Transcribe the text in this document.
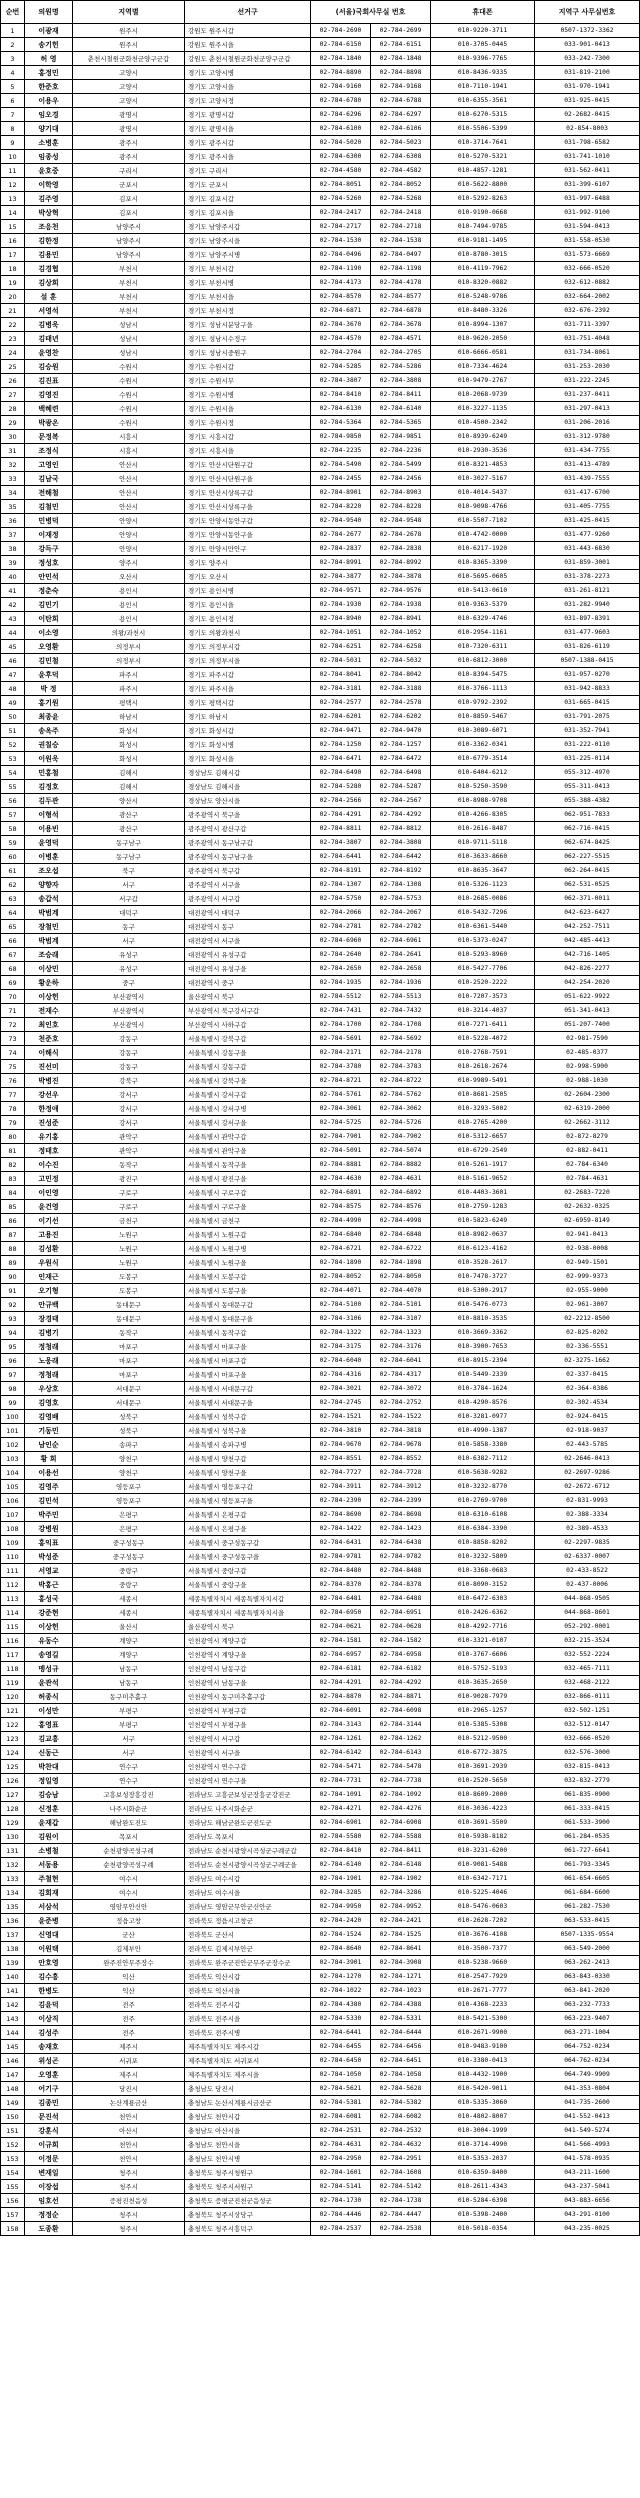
순번	의원명	지역별	선거구	(서울)국회사무실 번호		휴대폰	지역구 사무실번호
1	이광재	원주시	강원도 원주시갑	02-784-2690	02-784-2699	010-9220-3711	0507-1372-3362
2	송기헌	원주시	강원도 원주시을	02-784-6150	02-784-6151	010-3705-0445	033-901-0413
3	허 영	춘천시철원군화천군양구군갑	강원도 춘천시철원군화천군양구군갑	02-784-1840	02-784-1848	010-9396-7765	033-242-7300
4	홍정민	고양시	경기도 고양시병	02-784-8890	02-784-8898	010-8436-9335	031-819-2100
5	한준호	고양시	경기도 고양시을	02-784-9160	02-784-9168	010-7110-1941	031-970-1941
6	이용우	고양시	경기도 고양시정	02-784-6780	02-784-6788	010-6355-3561	031-925-0415
7	임오경	광명시	경기도 광명시갑	02-784-6296	02-784-6297	010-6270-5315	02-2682-0415
8	양기대	광명시	경기도 광명시을	02-784-6100	02-784-6106	010-5506-5399	02-854-8003
9	소병훈	광주시	경기도 광주시갑	02-784-5020	02-784-5023	010-3714-7641	031-798-6582
10	임종성	광주시	경기도 광주시을	02-784-6300	02-784-6308	010-5270-5321	031-741-1010
11	윤호중	구리시	경기도 구리시	02-784-4580	02-784-4582	010-4857-1281	031-562-0411
12	이학영	군포시	경기도 군포시	02-784-8051	02-784-8052	010-5622-8800	031-399-6107
13	김주영	김포시	경기도 김포시갑	02-784-5260	02-784-5268	010-5292-8263	031-997-6488
14	박상혁	김포시	경기도 김포시을	02-784-2417	02-784-2418	010-9190-0668	031-992-9100
15	조응천	남양주시	경기도 남양주시갑	02-784-2717	02-784-2718	010-7494-9785	031-594-0413
16	김한정	남양주시	경기도 남양주시을	02-784-1530	02-784-1538	010-9181-1495	031-558-0530
17	김용민	남양주시	경기도 남양주시병	02-784-0496	02-784-0497	010-8780-3015	031-573-6669
18	김경협	부천시	경기도 부천시갑	02-784-1190	02-784-1198	010-4119-7962	032-666-0520
19	김상희	부천시	경기도 부천시병	02-784-4173	02-784-4178	010-8320-0882	032-612-0882
20	설 훈	부천시	경기도 부천시을	02-784-8570	02-784-8577	010-5248-9786	032-664-2002
21	서영석	부천시	경기도 부천시정	02-784-6871	02-784-6878	010-8480-3326	032-676-2392
22	김병욱	성남시	경기도 성남시분당구을	02-784-3670	02-784-3678	010-8994-1307	031-711-3397
23	김태년	성남시	경기도 성남시수정구	02-784-4570	02-784-4571	010-9620-2050	031-751-4048
24	윤영찬	성남시	경기도 성남시중원구	02-784-2704	02-784-2705	010-6666-0581	031-734-8061
25	김승원	수원시	경기도 수원시갑	02-784-5285	02-784-5286	010-7334-4624	031-253-2030
26	김진표	수원시	경기도 수원시무	02-784-3807	02-784-3808	010-9479-2767	031-222-2245
27	김영진	수원시	경기도 수원시병	02-784-8410	02-784-8411	010-2068-9739	031-237-0411
28	백혜련	수원시	경기도 수원시을	02-784-6130	02-784-6140	010-3227-1135	031-297-0413
29	박광온	수원시	경기도 수원시정	02-784-5364	02-784-5365	010-4500-2342	031-206-2016
30	문정복	시흥시	경기도 시흥시갑	02-784-9850	02-784-9851	010-8939-6249	031-312-9780
31	조정식	시흥시	경기도 시흥시을	02-784-2235	02-784-2236	010-2930-3536	031-434-7755
32	고영인	안산시	경기도 안산시단원구갑	02-784-5490	02-784-5499	010-8321-4853	031-413-4789
33	김남국	안산시	경기도 안산시단원구을	02-784-2455	02-784-2456	010-3027-5167	031-439-7555
34	전해철	안산시	경기도 안산시상록구갑	02-784-8901	02-784-8903	010-4014-5437	031-417-6700
35	김철민	안산시	경기도 안산시상록구을	02-784-8220	02-784-8228	010-9098-4766	031-405-7755
36	민병덕	안양시	경기도 안양시동안구갑	02-784-9540	02-784-9548	010-5507-7102	031-425-0415
37	이재정	안양시	경기도 안양시동안구을	02-784-2677	02-784-2678	010-4742-0000	031-477-9260
38	강득구	안양시	경기도 안양시만안구	02-784-2837	02-784-2838	010-6217-1920	031-443-6830
39	정성호	양주시	경기도 양주시	02-784-8991	02-784-8992	010-8365-3390	031-859-3001
40	안민석	오산시	경기도 오산시	02-784-3877	02-784-3878	010-5695-0605	031-378-2273
41	정춘숙	용인시	경기도 용인시병	02-784-9571	02-784-9576	010-5413-0610	031-261-8121
42	김민기	용인시	경기도 용인시을	02-784-1930	02-784-1938	010-9363-5379	031-282-9940
43	이탄희	용인시	경기도 용인시정	02-784-8940	02-784-8941	010-6329-4746	031-897-8391
44	이소영	의왕/과천시	경기도 의왕과천시	02-784-1051	02-784-1052	010-2954-1161	031-477-9603
45	오영환	의정부시	경기도 의정부시갑	02-784-6251	02-784-6258	010-7320-6311	031-826-6119
46	김민철	의정부시	경기도 의정부시을	02-784-5031	02-784-5032	010-6812-3000	0507-1388-0415
47	윤후덕	파주시	경기도 파주시갑	02-784-8041	02-784-8042	010-8394-5475	031-957-0270
48	박 정	파주시	경기도 파주시을	02-784-3181	02-784-3188	010-3766-1113	031-942-8833
49	홍기원	평택시	경기도 평택시갑	02-784-2577	02-784-2578	010-9792-2392	031-665-0415
50	최종윤	하남시	경기도 하남시	02-784-6201	02-784-6202	010-8859-5467	031-791-2075
51	송옥주	화성시	경기도 화성시갑	02-784-9471	02-784-9470	010-3089-6071	031-352-7941
52	권칠승	화성시	경기도 화성시병	02-784-1250	02-784-1257	010-3362-0341	031-222-0110
53	이원욱	화성시	경기도 화성시을	02-784-6471	02-784-6472	010-6779-3514	031-225-0114
54	민홍철	김해시	경상남도 김해시갑	02-784-6490	02-784-6498	010-6404-6212	055-312-4970
55	김정호	김해시	경상남도 김해시을	02-784-5280	02-784-5287	010-5250-3590	055-311-0413
56	김두관	양산시	경상남도 양산시을	02-784-2566	02-784-2567	010-8988-9708	055-388-4382
57	이형석	광산구	광주광역시 북구을	02-784-4291	02-784-4292	010-4266-8305	062-951-7833
58	이용빈	광산구	광주광역시 광산구갑	02-784-8811	02-784-8812	010-2616-8487	062-716-0415
59	윤영덕	동구남구	광주광역시 동구남구갑	02-784-3807	02-784-3808	010-9711-5118	062-674-8425
60	이병훈	동구남구	광주광역시 동구남구을	02-784-6441	02-784-6442	010-3633-8660	062-227-5515
61	조오섭	북구	광주광역시 북구갑	02-784-8191	02-784-8192	010-8635-3647	062-264-0415
62	양향자	서구	광주광역시 서구을	02-784-1307	02-784-1308	010-5326-1123	062-531-0525
63	송갑석	서구갑	광주광역시 서구갑	02-784-5750	02-784-5753	010-2685-0086	062-371-0011
64	박범계	대덕구	대전광역시 대덕구	02-784-2066	02-784-2067	010-5432-7296	042-623-6427
65	장철민	동구	대전광역시 동구	02-784-2781	02-784-2782	010-6361-5440	042-252-7511
66	박범계	서구	대전광역시 서구을	02-784-6960	02-784-6961	010-5373-0247	042-485-4413
67	조승래	유성구	대전광역시 유성구갑	02-784-2640	02-784-2641	010-5293-8960	042-716-1405
68	이상민	유성구	대전광역시 유성구을	02-784-2650	02-784-2658	010-5427-7706	042-826-2277
69	황운하	중구	대전광역시 중구	02-784-1935	02-784-1936	010-2520-2222	042-254-2020
70	이상헌	부산광역시	울산광역시 북구	02-784-5512	02-784-5513	010-7207-3573	051-622-9922
71	전재수	부산광역시	부산광역시 북구강서구갑	02-784-7431	02-784-7432	010-3214-4037	051-341-0413
72	최인호	부산광역시	부산광역시 사하구갑	02-784-1700	02-784-1708	010-7271-6411	051-207-7400
73	천준호	강동구	서울특별시 강북구갑	02-784-5691	02-784-5692	010-5228-4072	02-981-7590
74	이해식	강동구	서울특별시 강동구을	02-784-2171	02-784-2178	010-2768-7591	02-485-0377
75	진선미	강동구	서울특별시 강동구갑	02-784-3780	02-784-3783	010-2618-2674	02-998-5900
76	박병진	강북구	서울특별시 강북구을	02-784-8721	02-784-8722	010-9989-5491	02-988-1030
77	강선우	강서구	서울특별시 강서구갑	02-784-5761	02-784-5762	010-8681-2505	02-2604-2300
78	한정애	강서구	서울특별시 강서구병	02-784-3061	02-784-3062	010-3293-5002	02-6319-2000
79	진성준	강서구	서울특별시 강서구을	02-784-5725	02-784-5726	010-2765-4200	02-2662-3112
80	유기홍	관악구	서울특별시 관악구갑	02-784-7901	02-784-7902	010-5312-6657	02-872-8279
81	정태호	관악구	서울특별시 관악구을	02-784-5091	02-784-5074	010-6729-2549	02-882-0411
82	이수진	동작구	서울특별시 동작구을	02-784-8881	02-784-8882	010-5261-1917	02-784-6340
83	고민정	광진구	서울특별시 광진구을	02-784-4630	02-784-4631	010-5161-9652	02-784-4631
84	이인영	구로구	서울특별시 구로구갑	02-784-6891	02-784-6892	010-4403-3601	02-2683-7220
85	윤건영	구로구	서울특별시 구로구을	02-784-8575	02-784-8576	010-2759-1283	02-2632-0325
86	이기선	금천구	서울특별시 금천구	02-784-4990	02-784-4998	010-5823-6249	02-6959-8149
87	고용진	노원구	서울특별시 노원구갑	02-784-6840	02-784-6848	010-8982-0637	02-941-0413
88	김성환	노원구	서울특별시 노원구병	02-784-6721	02-784-6722	010-6123-4162	02-938-0008
89	우원식	노원구	서울특별시 노원구을	02-784-1890	02-784-1898	010-3528-2617	02-949-1501
90	인재근	도봉구	서울특별시 도봉구갑	02-784-8052	02-784-8050	010-7478-3727	02-999-9373
91	오기형	도봉구	서울특별시 도봉구을	02-784-4071	02-784-4070	010-5300-2917	02-955-9000
92	안규백	동대문구	서울특별시 동대문구갑	02-784-5100	02-784-5101	010-5476-0773	02-961-3007
93	장경태	동대문구	서울특별시 동대문구을	02-784-3106	02-784-3107	010-8810-3535	02-2212-8500
94	김병기	동작구	서울특별시 동작구갑	02-784-1322	02-784-1323	010-3669-3362	02-825-0202
95	정청래	마포구	서울특별시 마포구을	02-784-3175	02-784-3176	010-3900-7653	02-336-5551
96	노웅래	마포구	서울특별시 마포구갑	02-784-6040	02-784-6041	010-8915-2394	02-3275-1662
97	정청래	마포구	서울특별시 마포구을	02-784-4316	02-784-4317	010-5449-2339	02-337-0415
98	우상호	서대문구	서울특별시 서대문구갑	02-784-3021	02-784-3072	010-3784-1624	02-364-0386
99	김영호	서대문구	서울특별시 서대문구을	02-784-2745	02-784-2752	010-4290-8576	02-302-4534
100	김영배	성북구	서울특별시 성북구갑	02-784-1521	02-784-1522	010-3281-0977	02-924-0415
101	기동민	성북구	서울특별시 성북구을	02-784-3810	02-784-3818	010-4990-1387	02-918-9037
102	남인순	송파구	서울특별시 송파구병	02-784-9670	02-784-9678	010-5858-3380	02-443-5785
103	황 희	양천구	서울특별시 양천구갑	02-784-8551	02-784-8552	010-6382-7112	02-2646-0413
104	이용선	양천구	서울특별시 양천구을	02-784-7727	02-784-7728	010-5638-9282	02-2697-9286
105	김영주	영등포구	서울특별시 영등포구갑	02-784-3911	02-784-3912	010-3232-8770	02-2672-6712
106	김민석	영등포구	서울특별시 영등포구을	02-784-2390	02-784-2399	010-2769-9700	02-831-9993
107	박주민	은평구	서울특별시 은평구갑	02-784-8690	02-784-8698	010-6310-6108	02-388-3334
108	강병원	은평구	서울특별시 은평구을	02-784-1422	02-784-1423	010-6384-3390	02-389-4533
109	홍익표	중구성동구	서울특별시 중구성동구갑	02-784-6431	02-784-6438	010-8858-8202	02-2297-9835
110	박성준	중구성동구	서울특별시 중구성동구을	02-784-9781	02-784-9782	010-3232-5809	02-6337-0007
111	서영교	중랑구	서울특별시 중랑구갑	02-784-8480	02-784-8488	010-3368-0683	02-433-8522
112	박홍근	중랑구	서울특별시 중랑구을	02-784-8370	02-784-8378	010-8090-3152	02-437-0006
113	홍성국	세종시	세종특별자치시 세종특별자치시갑	02-784-6481	02-784-6488	010-6472-6303	044-868-9505
114	강준현	세종시	세종특별자치시 세종특별자치시을	02-784-6950	02-784-6951	010-2426-6362	044-868-8601
115	이상헌	울산시	울산광역시 북구	02-784-0621	02-784-0628	010-4292-7716	052-292-0001
116	유동수	계양구	인천광역시 계양구갑	02-784-1581	02-784-1582	010-3321-0107	032-215-3524
117	송영길	계양구	인천광역시 계양구을	02-784-6957	02-784-6958	010-3767-6606	032-552-2224
118	맹성규	남동구	인천광역시 남동구갑	02-784-6181	02-784-6182	010-5752-5193	032-465-7111
119	윤관석	남동구	인천광역시 남동구을	02-784-4291	02-784-4292	010-3635-2650	032-468-2122
120	허종식	동구미추홀구	인천광역시 동구미추홀구갑	02-784-8870	02-784-8871	010-9028-7979	032-866-0111
121	이성만	부평구	인천광역시 부평구갑	02-784-6091	02-784-6098	010-2965-1257	032-502-1251
122	홍영표	부평구	인천광역시 부평구을	02-784-3143	02-784-3144	010-5385-5308	032-512-0147
123	김교흥	서구	인천광역시 서구갑	02-784-1261	02-784-1262	010-5212-9500	032-666-0520
124	신동근	서구	인천광역시 서구을	02-784-6142	02-784-6143	010-6772-3875	032-576-3000
125	박찬대	연수구	인천광역시 연수구갑	02-784-5471	02-784-5478	010-3691-2939	032-815-0413
126	정일영	연수구	인천광역시 연수구을	02-784-7731	02-784-7738	010-2520-5650	032-832-2779
127	김승남	고흥보성장흥강진	전라남도 고흥군보성군장흥군강진군	02-784-1091	02-784-1092	010-8609-2000	061-835-0900
128	신정훈	나주시화순군	전라남도 나주시화순군	02-784-4271	02-784-4276	010-3036-4223	061-333-0415
129	윤재갑	해남완도진도	전라남도 해남군완도군진도군	02-784-6901	02-784-6908	010-3691-5509	061-533-3900
130	김원이	목포시	전라남도 목포시	02-784-5580	02-784-5588	010-5938-8182	061-284-0535
131	소병철	순천광양곡성구례	전라남도 순천시광양시곡성군구례군갑	02-784-8410	02-784-8411	010-3231-6200	061-727-6641
132	서동용	순천광양곡성구례	전라남도 순천시광양시곡성군구례군을	02-784-6140	02-784-6148	010-9081-5488	061-793-3345
133	주철현	여수시	전라남도 여수시갑	02-784-1901	02-784-1902	010-6342-7171	061-654-6605
134	김회재	여수시	전라남도 여수시을	02-784-3285	02-784-3286	010-5225-4046	061-684-6600
135	서삼석	영암무안신안	전라남도 영암군무안군신안군	02-784-9950	02-784-9952	010-5476-0603	061-282-7530
136	윤준병	정읍고창	전라북도 정읍시고창군	02-784-2420	02-784-2421	010-2628-7202	063-533-0415
137	신영대	군산	전라북도 군산시	02-784-1524	02-784-1525	010-3676-4108	0507-1335-9554
138	이원택	김제부안	전라북도 김제시부안군	02-784-8640	02-784-8641	010-3500-7377	063-549-2000
139	안호영	완주진안무주장수	전라북도 완주군진안군무주군장수군	02-784-3901	02-784-3908	010-5238-9660	063-262-2413
140	김수흥	익산	전라북도 익산시갑	02-784-1270	02-784-1271	010-2547-7929	063-843-0330
141	한병도	익산	전라북도 익산시을	02-784-1022	02-784-1023	010-2671-7777	063-841-2020
142	김윤덕	전주	전라북도 전주시갑	02-784-4380	02-784-4388	010-4368-2233	063-232-7733
143	이상직	전주	전라북도 전주시을	02-784-5330	02-784-5331	010-5421-5300	063-223-9407
144	김성주	전주	전라북도 전주시병	02-784-6441	02-784-6444	010-2671-9900	063-271-1004
145	송재호	제주시	제주특별자치도 제주시갑	02-784-6455	02-784-6456	010-9483-9100	064-752-0234
146	위성곤	서귀포	제주특별자치도 서귀포시	02-784-6450	02-784-6451	010-3380-0413	064-762-0234
147	오영훈	제주시	제주특별자치도 제주시을	02-784-1050	02-784-1058	010-4432-1900	064-749-9909
148	어기구	당진시	충청남도 당진시	02-784-5621	02-784-5628	010-5420-9011	041-353-0804
149	김종민	논산계룡금산	충청남도 논산시계룡시금산군	02-784-5381	02-784-5382	010-5335-3060	041-735-2600
150	문진석	천안시	충청남도 천안시갑	02-784-6081	02-784-6082	010-4802-8007	041-552-0413
151	강훈식	아산시	충청남도 아산시을	02-784-2531	02-784-2532	010-3004-1999	041-549-5274
152	이규희	천안시	충청남도 천안시을	02-784-4631	02-784-4632	010-3714-4990	041-566-4993
153	이정문	천안시	충청남도 천안시병	02-784-2950	02-784-2951	010-5353-2037	041-578-0935
154	변재일	청주시	충청북도 청주시청원구	02-784-1601	02-784-1608	010-6359-8400	043-211-1600
155	이장섭	청주시	충청북도 청주시서원구	02-784-5141	02-784-5142	010-2611-4343	043-237-5041
156	임호선	증평진천음성	충청북도 증평군진천군음성군	02-784-1730	02-784-1738	010-5284-6398	043-883-6656
157	정정순	청주시	충청북도 청주시상당구	02-784-4446	02-784-4447	010-5398-2400	043-291-0100
158	도종환	청주시	충청북도 청주시흥덕구	02-784-2537	02-784-2538	010-5018-0354	043-235-0025
